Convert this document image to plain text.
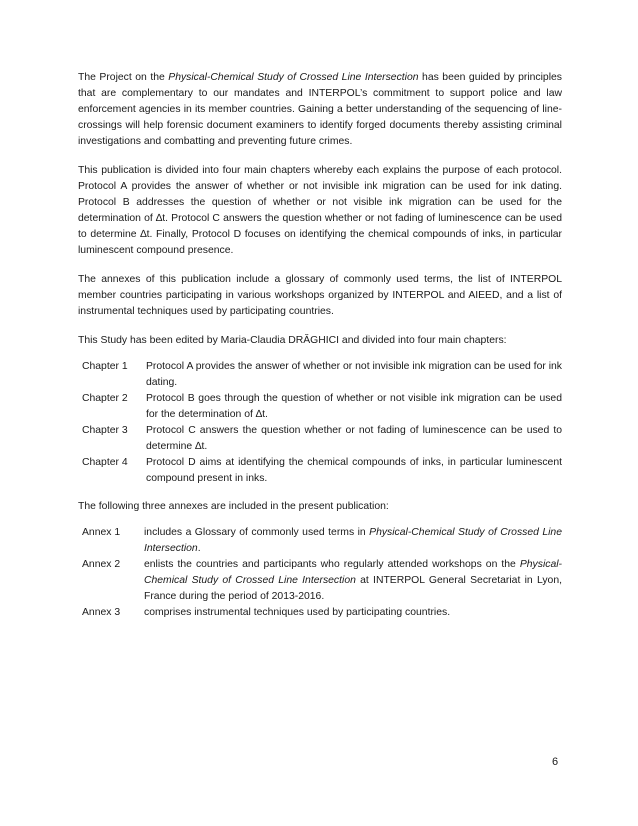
The Project on the Physical-Chemical Study of Crossed Line Intersection has been guided by principles that are complementary to our mandates and INTERPOL’s commitment to support police and law enforcement agencies in its member countries. Gaining a better understanding of the sequencing of line-crossings will help forensic document examiners to identify forged documents thereby assisting criminal investigations and combatting and preventing future crimes.

This publication is divided into four main chapters whereby each explains the purpose of each protocol. Protocol A provides the answer of whether or not invisible ink migration can be used for ink dating. Protocol B addresses the question of whether or not visible ink migration can be used for the determination of ∆t. Protocol C answers the question whether or not fading of luminescence can be used to determine ∆t. Finally, Protocol D focuses on identifying the chemical compounds of inks, in particular luminescent compound presence.

The annexes of this publication include a glossary of commonly used terms, the list of INTERPOL member countries participating in various workshops organized by INTERPOL and AIEED, and a list of instrumental techniques used by participating countries.

This Study has been edited by Maria-Claudia DRĂGHICI and divided into four main chapters:

Chapter 1	Protocol A provides the answer of whether or not invisible ink migration can be used for ink dating.
Chapter 2	Protocol B goes through the question of whether or not visible ink migration can be used for the determination of ∆t.
Chapter 3	Protocol C answers the question whether or not fading of luminescence can be used to determine ∆t.
Chapter 4	Protocol D aims at identifying the chemical compounds of inks, in particular luminescent compound present in inks.

The following three annexes are included in the present publication:

Annex 1	includes a Glossary of commonly used terms in Physical-Chemical Study of Crossed Line Intersection.
Annex 2	enlists the countries and participants who regularly attended workshops on the Physical-Chemical Study of Crossed Line Intersection at INTERPOL General Secretariat in Lyon, France during the period of 2013-2016.
Annex 3	comprises instrumental techniques used by participating countries.
6
